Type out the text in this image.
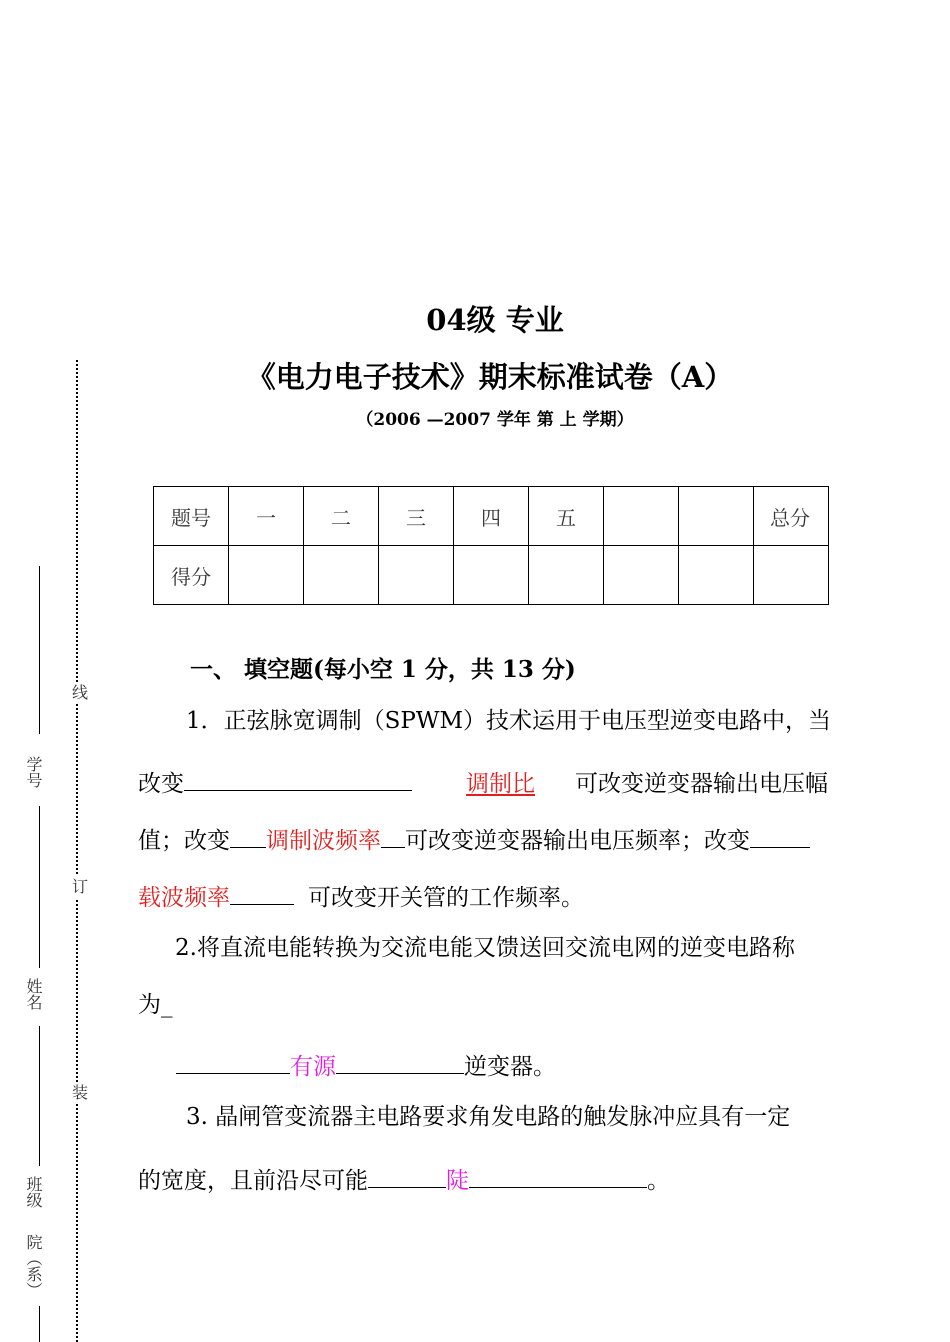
04级 专业
《电力电子技术》期末标准试卷（A）
（2006 —2007 学年 第 上 学期）
题号	一	二	三	四	五			总分
得分								
一、 填空题(每小空 1 分，共 13 分)
1．正弦脉宽调制（SPWM）技术运用于电压型逆变电路中，当
改变	调制比 可改变逆变器输出电压幅
值；改变 调制波频率 可改变逆变器输出电压频率；改变
载波频率	可改变开关管的工作频率。
2.将直流电能转换为交流电能又馈送回交流电网的逆变电路称
为_
有源	逆变器。
3. 晶闸管变流器主电路要求角发电路的触发脉冲应具有一定
的宽度，且前沿尽可能	陡	。
学号
姓名
班级
院（系）
线
订
装
